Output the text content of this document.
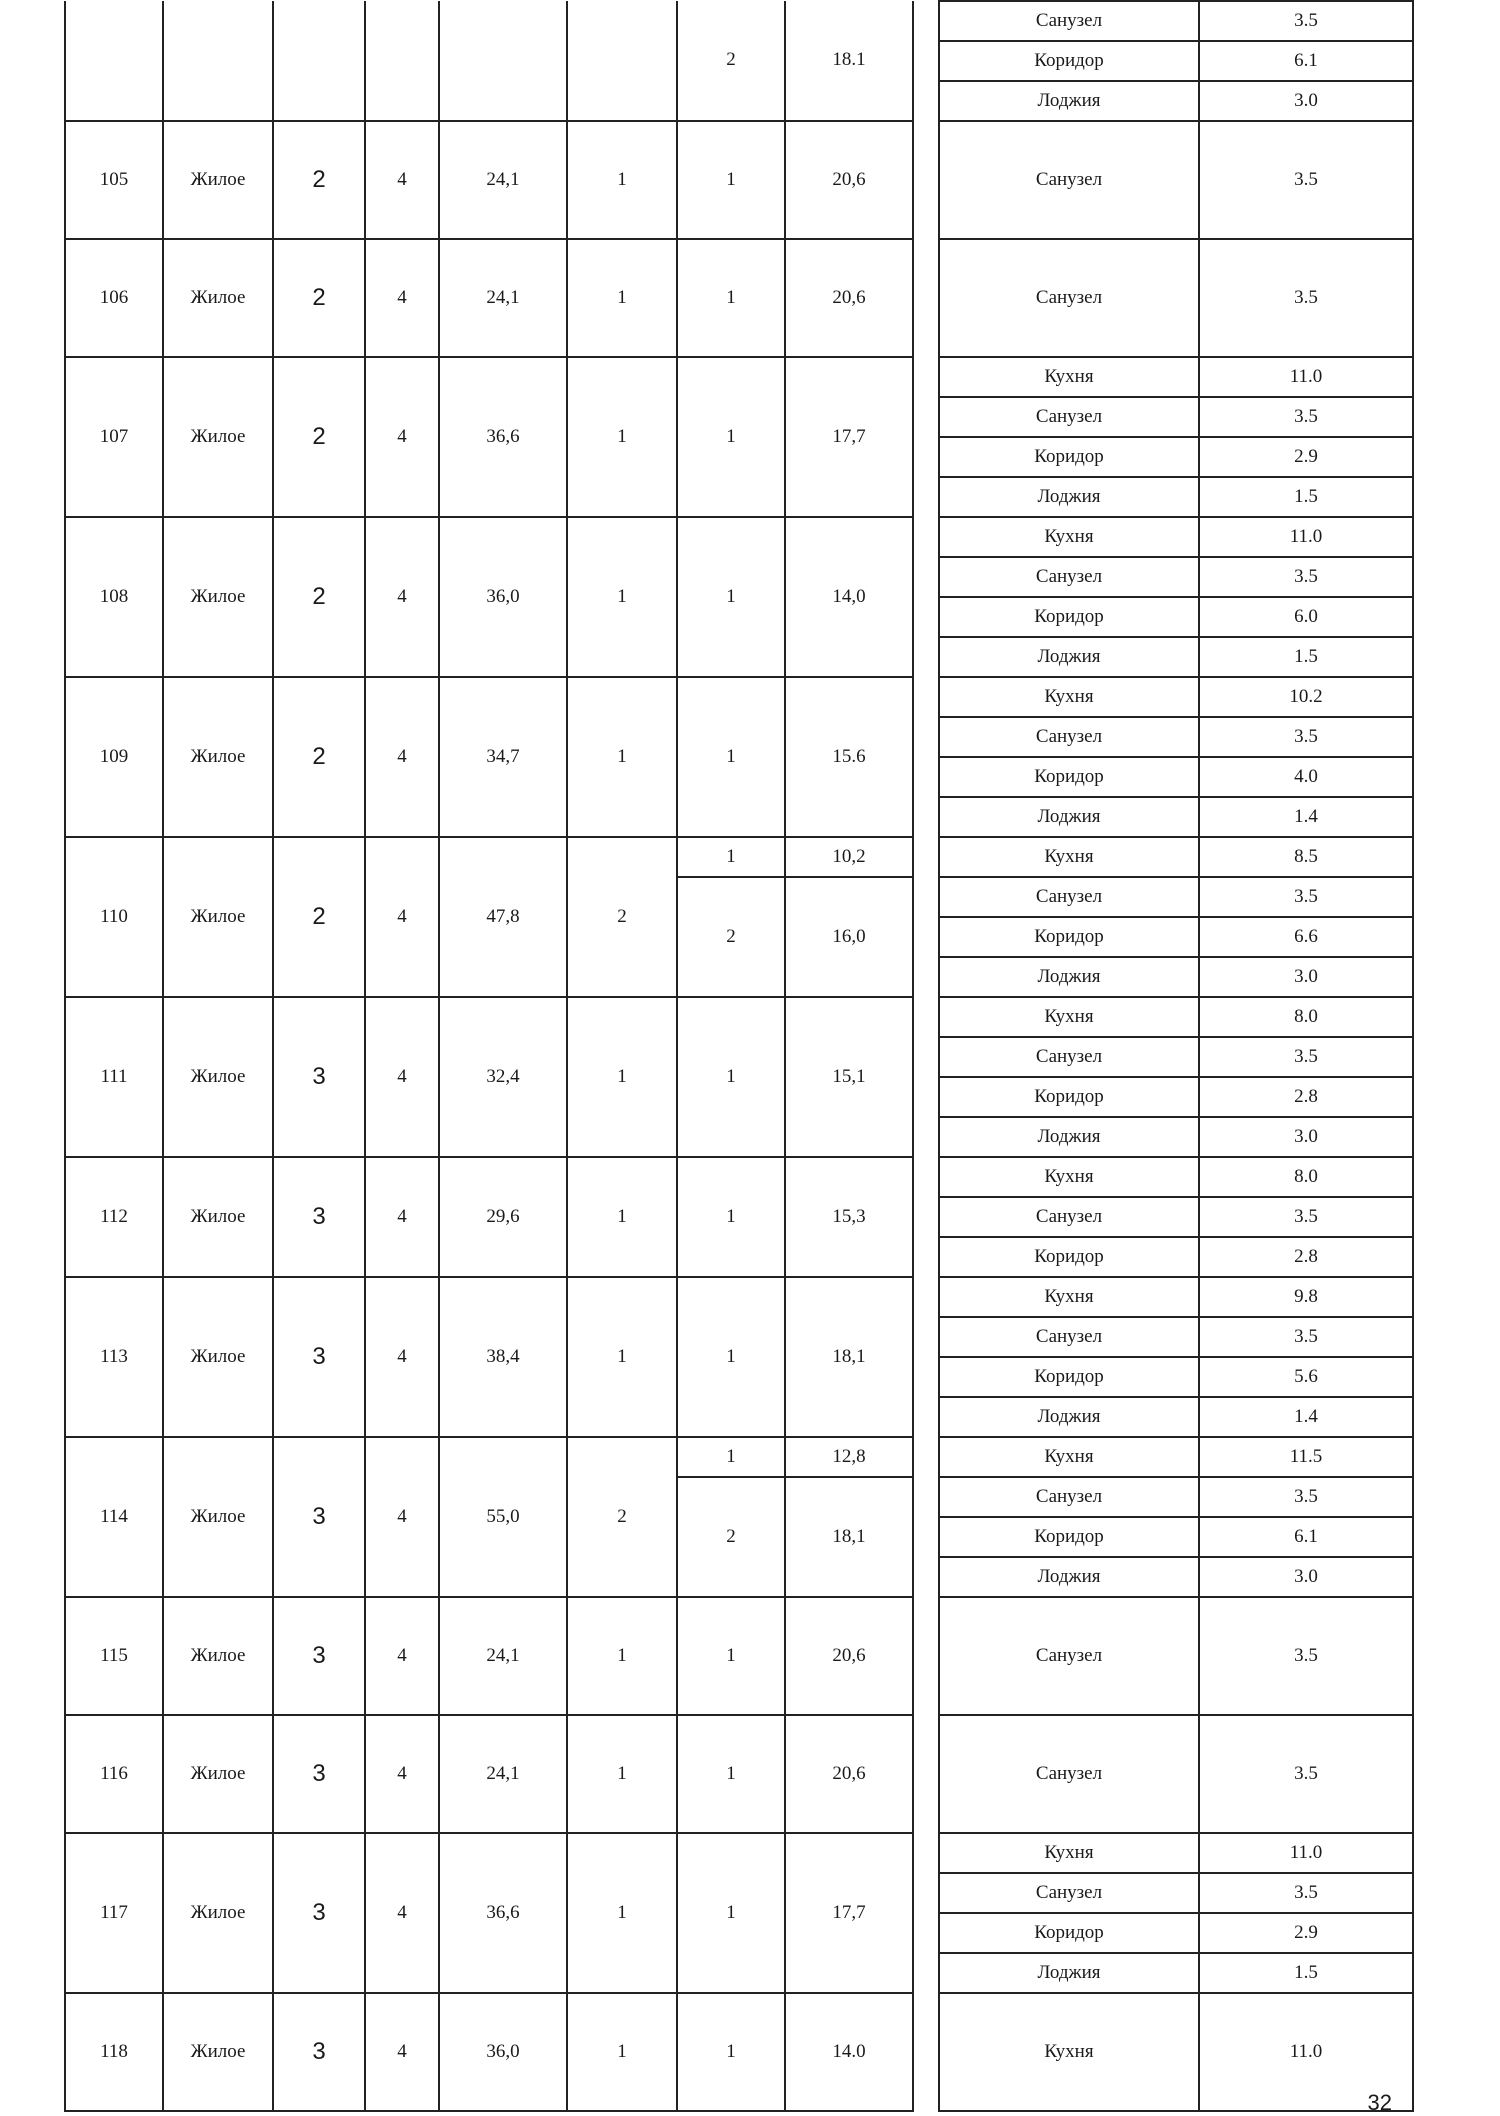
						2	18.1		Санузел	3.5
									Коридор	6.1
									Лоджия	3.0
105	Жилое	2	4	24,1	1	1	20,6		Санузел	3.5
106	Жилое	2	4	24,1	1	1	20,6		Санузел	3.5
107	Жилое	2	4	36,6	1	1	17,7		Кухня	11.0
									Санузел	3.5
									Коридор	2.9
									Лоджия	1.5
108	Жилое	2	4	36,0	1	1	14,0		Кухня	11.0
									Санузел	3.5
									Коридор	6.0
									Лоджия	1.5
109	Жилое	2	4	34,7	1	1	15.6		Кухня	10.2
									Санузел	3.5
									Коридор	4.0
									Лоджия	1.4
110	Жилое	2	4	47,8	2	1	10,2		Кухня	8.5
						2	16,0		Санузел	3.5
									Коридор	6.6
									Лоджия	3.0
111	Жилое	3	4	32,4	1	1	15,1		Кухня	8.0
									Санузел	3.5
									Коридор	2.8
									Лоджия	3.0
112	Жилое	3	4	29,6	1	1	15,3		Кухня	8.0
									Санузел	3.5
									Коридор	2.8
113	Жилое	3	4	38,4	1	1	18,1		Кухня	9.8
									Санузел	3.5
									Коридор	5.6
									Лоджия	1.4
114	Жилое	3	4	55,0	2	1	12,8		Кухня	11.5
						2	18,1		Санузел	3.5
									Коридор	6.1
									Лоджия	3.0
115	Жилое	3	4	24,1	1	1	20,6		Санузел	3.5
116	Жилое	3	4	24,1	1	1	20,6		Санузел	3.5
117	Жилое	3	4	36,6	1	1	17,7		Кухня	11.0
									Санузел	3.5
									Коридор	2.9
									Лоджия	1.5
118	Жилое	3	4	36,0	1	1	14.0		Кухня	11.0
32
